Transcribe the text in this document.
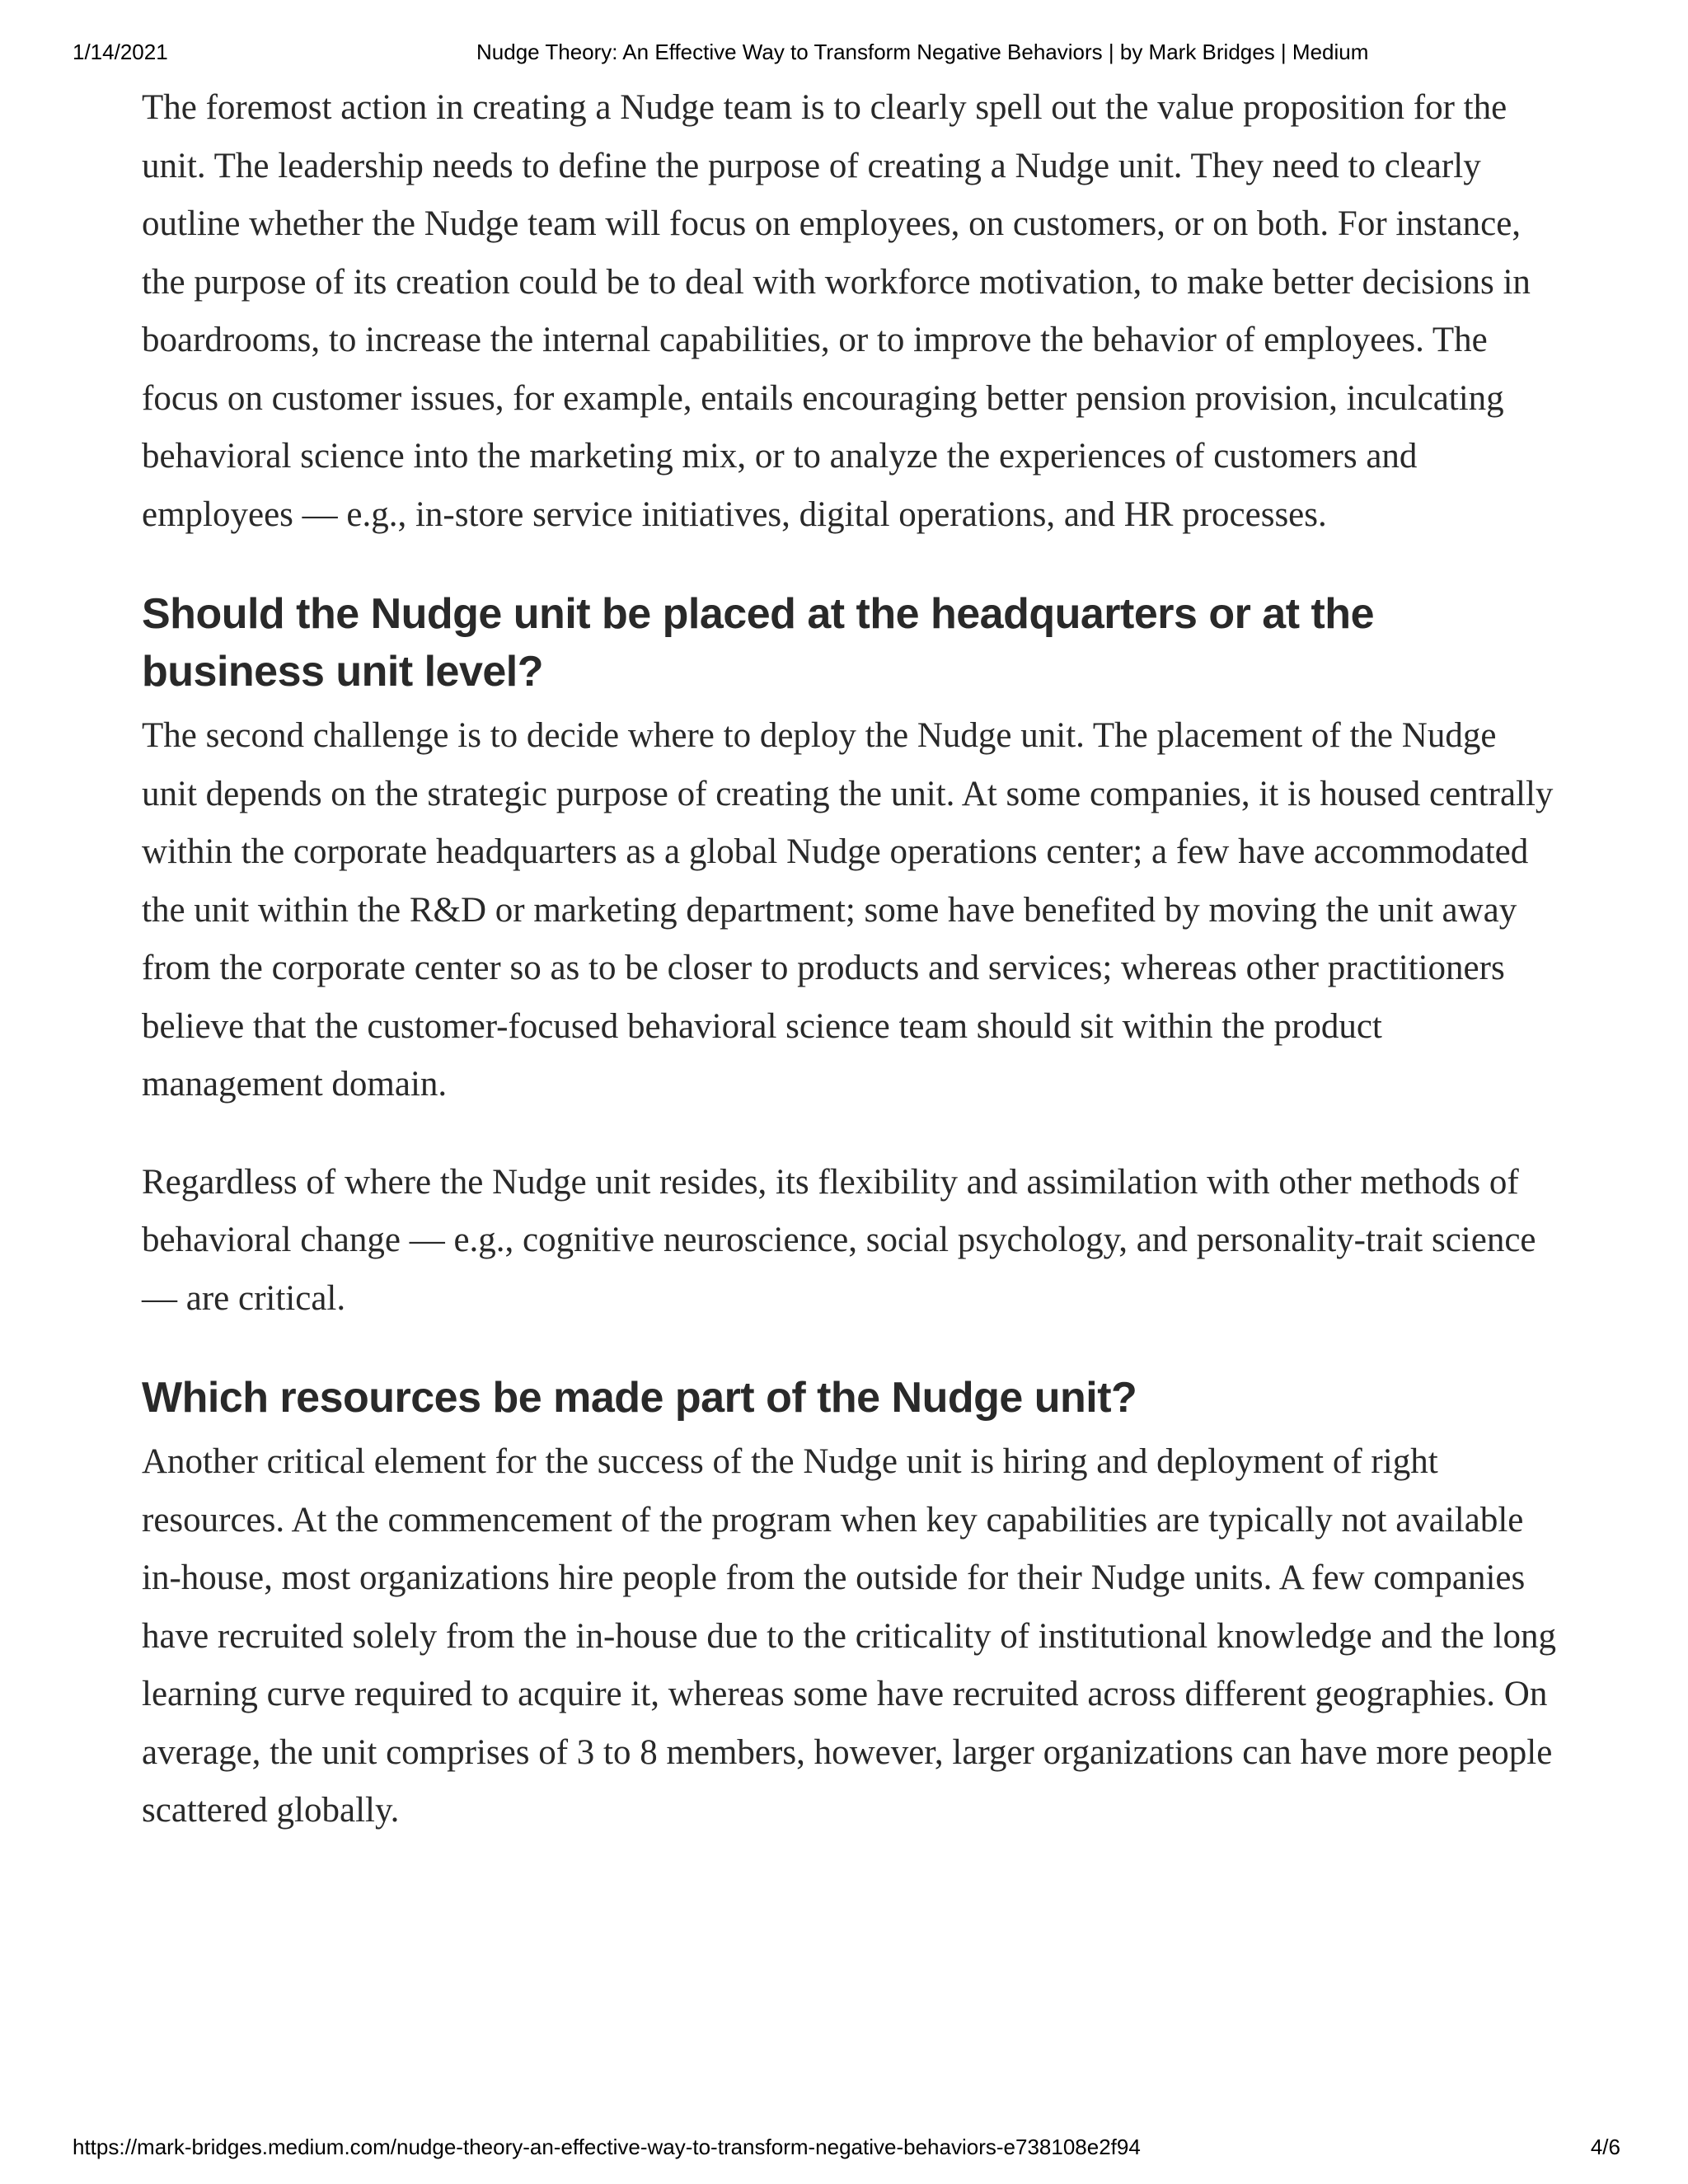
1/14/2021	Nudge Theory: An Effective Way to Transform Negative Behaviors | by Mark Bridges | Medium

The foremost action in creating a Nudge team is to clearly spell out the value proposition for the unit. The leadership needs to define the purpose of creating a Nudge unit. They need to clearly outline whether the Nudge team will focus on employees, on customers, or on both. For instance, the purpose of its creation could be to deal with workforce motivation, to make better decisions in boardrooms, to increase the internal capabilities, or to improve the behavior of employees. The focus on customer issues, for example, entails encouraging better pension provision, inculcating behavioral science into the marketing mix, or to analyze the experiences of customers and employees — e.g., in-store service initiatives, digital operations, and HR processes.

Should the Nudge unit be placed at the headquarters or at the business unit level?

The second challenge is to decide where to deploy the Nudge unit. The placement of the Nudge unit depends on the strategic purpose of creating the unit. At some companies, it is housed centrally within the corporate headquarters as a global Nudge operations center; a few have accommodated the unit within the R&D or marketing department; some have benefited by moving the unit away from the corporate center so as to be closer to products and services; whereas other practitioners believe that the customer-focused behavioral science team should sit within the product management domain.

Regardless of where the Nudge unit resides, its flexibility and assimilation with other methods of behavioral change — e.g., cognitive neuroscience, social psychology, and personality-trait science — are critical.

Which resources be made part of the Nudge unit?

Another critical element for the success of the Nudge unit is hiring and deployment of right resources. At the commencement of the program when key capabilities are typically not available in-house, most organizations hire people from the outside for their Nudge units. A few companies have recruited solely from the in-house due to the criticality of institutional knowledge and the long learning curve required to acquire it, whereas some have recruited across different geographies. On average, the unit comprises of 3 to 8 members, however, larger organizations can have more people scattered globally.

https://mark-bridges.medium.com/nudge-theory-an-effective-way-to-transform-negative-behaviors-e738108e2f94	4/6
